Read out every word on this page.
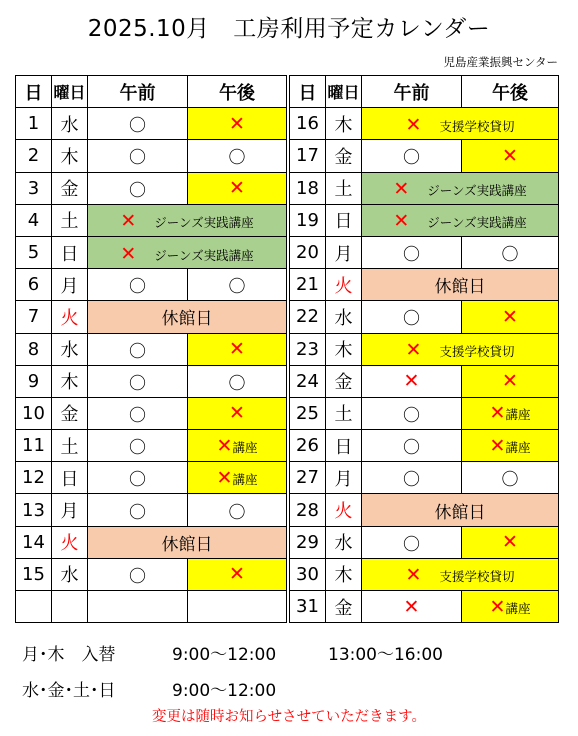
2025.10月　工房利用予定カレンダー
児島産業振興センター
日	曜日	午前	午後
1	水	〇	✕
2	木	〇	〇
3	金	〇	✕
4	土	✕　 ジーンズ実践講座	
5	日	✕　 ジーンズ実践講座	
6	月	〇	〇
7	火	休館日	
8	水	〇	✕
9	木	〇	〇
10	金	〇	✕
11	土	〇	✕講座
12	日	〇	✕講座
13	月	〇	〇
14	火	休館日	
15	水	〇	✕

日	曜日	午前	午後
16	木	✕　 支援学校貸切	
17	金	〇	✕
18	土	✕　 ジーンズ実践講座	
19	日	✕　 ジーンズ実践講座	
20	月	〇	〇
21	火	休館日	
22	水	〇	✕
23	木	✕　 支援学校貸切	
24	金	✕	✕
25	土	〇	✕講座
26	日	〇	✕講座
27	月	〇	〇
28	火	休館日	
29	水	〇	✕
30	木	✕　 支援学校貸切	
31	金	✕	✕講座
月･木　入替	9:00～12:00	13:00～16:00
水･金･土･日	9:00～12:00
変更は随時お知らせさせていただきます。
